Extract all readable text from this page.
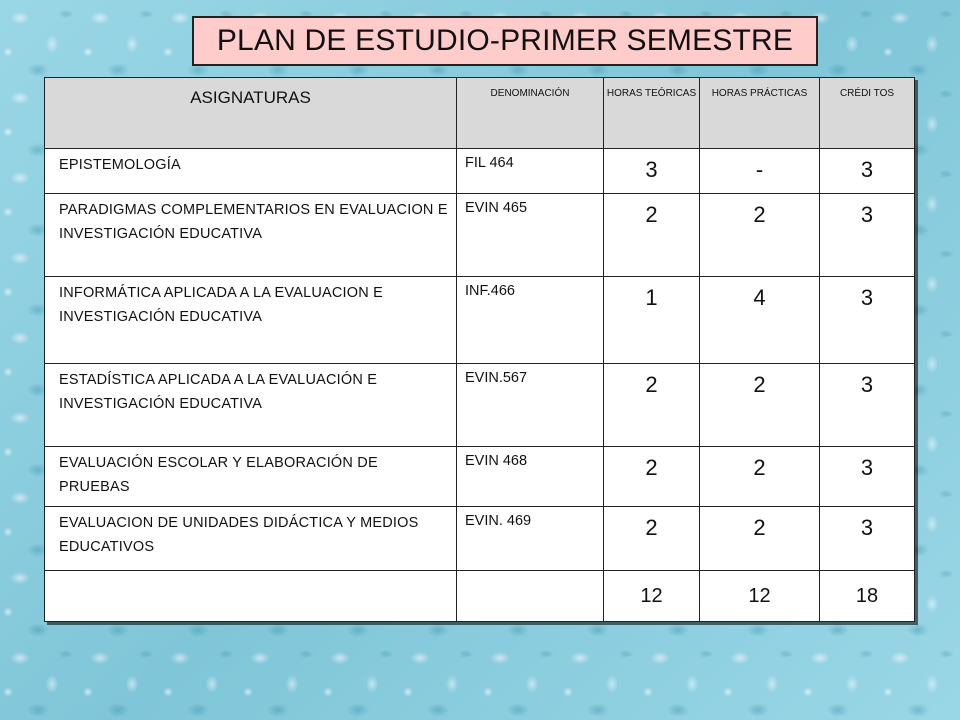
PLAN DE ESTUDIO-PRIMER SEMESTRE
ASIGNATURAS	DENOMINACIÓN	HORAS TEÓRICAS	HORAS PRÁCTICAS	CRÉDI TOS
EPISTEMOLOGÍA	FIL 464	3	-	3
PARADIGMAS COMPLEMENTARIOS EN EVALUACION E INVESTIGACIÓN EDUCATIVA	EVIN 465	2	2	3
INFORMÁTICA APLICADA A LA EVALUACION E INVESTIGACIÓN EDUCATIVA	INF.466	1	4	3
ESTADÍSTICA APLICADA A LA EVALUACIÓN E INVESTIGACIÓN EDUCATIVA	EVIN.567	2	2	3
EVALUACIÓN ESCOLAR Y ELABORACIÓN DE PRUEBAS	EVIN 468	2	2	3
EVALUACION DE UNIDADES DIDÁCTICA Y MEDIOS EDUCATIVOS	EVIN. 469	2	2	3
		12	12	18
